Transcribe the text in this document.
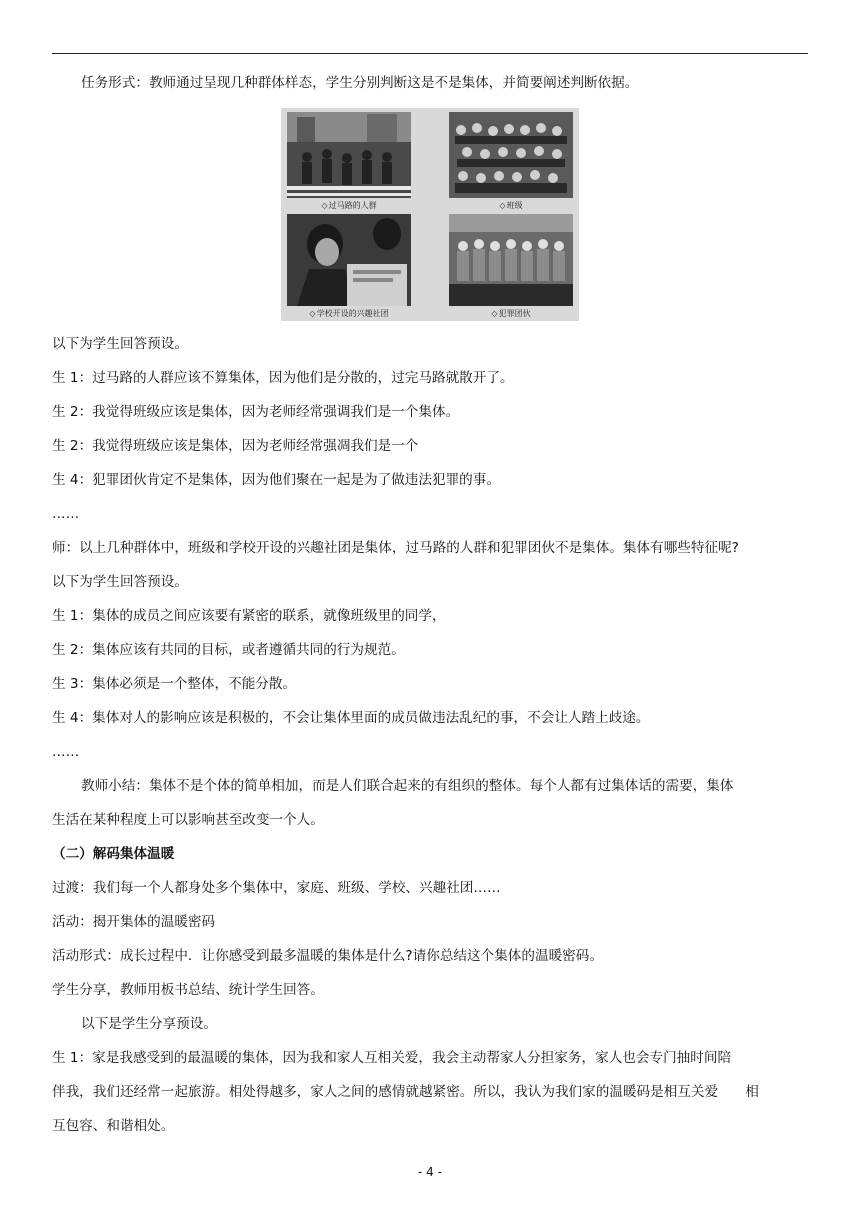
任务形式：教师通过呈现几种群体样态，学生分别判断这是不是集体，并简要阐述判断依据。
◇过马路的人群	◇班级
◇学校开设的兴趣社团	◇犯罪团伙
以下为学生回答预设。
生 1：过马路的人群应该不算集体，因为他们是分散的，过完马路就散开了。
生 2：我觉得班级应该是集体，因为老师经常强调我们是一个集体。
生 2：我觉得班级应该是集体，因为老师经常强凋我们是一个
生 4：犯罪团伙肯定不是集体，因为他们聚在一起是为了做违法犯罪的事。
……
师：以上几种群体中，班级和学校开设的兴趣社团是集体，过马路的人群和犯罪团伙不是集体。集体有哪些特征呢?
以下为学生回答预设。
生 1：集体的成员之间应该要有紧密的联系，就像班级里的同学，
生 2：集体应该有共同的目标，或者遵循共同的行为规范。
生 3：集体必须是一个整体，不能分散。
生 4：集体对人的影响应该是积极的，不会让集体里面的成员做违法乱纪的事，不会让人踏上歧途。
……
教师小结：集体不是个体的简单相加，而是人们联合起来的有组织的整体。每个人都有过集体话的需要，集体
生活在某种程度上可以影响甚至改变一个人。
（二）解码集体温暖
过渡：我们每一个人都身处多个集体中，家庭、班级、学校、兴趣社团……
活动：揭开集体的温暖密码
活动形式：成长过程中．让你感受到最多温暖的集体是什么?请你总结这个集体的温暖密码。
学生分享，教师用板书总结、统计学生回答。
以下是学生分享预设。
生 1：家是我感受到的最温暖的集体，因为我和家人互相关爱，我会主动帮家人分担家务，家人也会专门抽时间陪
伴我，我们还经常一起旅游。相处得越多，家人之间的感情就越紧密。所以，我认为我们家的温暖码是相互关爱　　相
互包容、和谐相处。
- 4 -
